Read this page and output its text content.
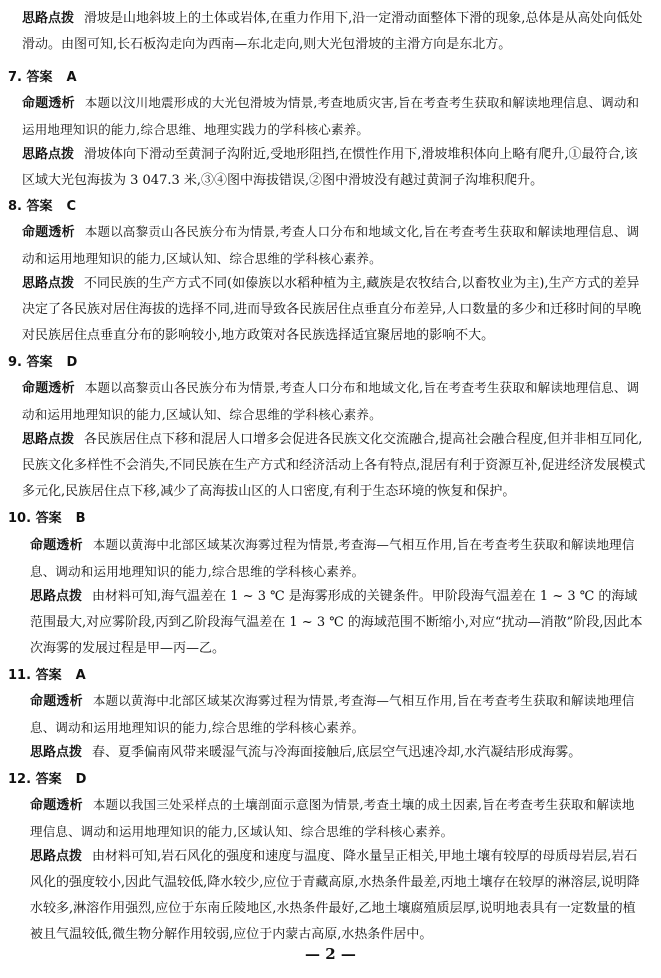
思路点拨 滑坡是山地斜坡上的土体或岩体,在重力作用下,沿一定滑动面整体下滑的现象,总体是从高处向低处滑动。由图可知,长石板沟走向为西南—东北走向,则大光包滑坡的主滑方向是东北方。
7. 答案 A
命题透析 本题以汶川地震形成的大光包滑坡为情景,考查地质灾害,旨在考查考生获取和解读地理信息、调动和运用地理知识的能力,综合思维、地理实践力的学科核心素养。
思路点拨 滑坡体向下滑动至黄洞子沟附近,受地形阻挡,在惯性作用下,滑坡堆积体向上略有爬升,①最符合,该区域大光包海拔为 3 047.3 米,③④图中海拔错误,②图中滑坡没有越过黄洞子沟堆积爬升。
8. 答案 C
命题透析 本题以高黎贡山各民族分布为情景,考查人口分布和地域文化,旨在考查考生获取和解读地理信息、调动和运用地理知识的能力,区域认知、综合思维的学科核心素养。
思路点拨 不同民族的生产方式不同(如傣族以水稻种植为主,藏族是农牧结合,以畜牧业为主),生产方式的差异决定了各民族对居住海拔的选择不同,进而导致各民族居住点垂直分布差异,人口数量的多少和迁移时间的早晚对民族居住点垂直分布的影响较小,地方政策对各民族选择适宜聚居地的影响不大。
9. 答案 D
命题透析 本题以高黎贡山各民族分布为情景,考查人口分布和地域文化,旨在考查考生获取和解读地理信息、调动和运用地理知识的能力,区域认知、综合思维的学科核心素养。
思路点拨 各民族居住点下移和混居人口增多会促进各民族文化交流融合,提高社会融合程度,但并非相互同化,民族文化多样性不会消失,不同民族在生产方式和经济活动上各有特点,混居有利于资源互补,促进经济发展模式多元化,民族居住点下移,减少了高海拔山区的人口密度,有利于生态环境的恢复和保护。
10. 答案 B
命题透析 本题以黄海中北部区域某次海雾过程为情景,考查海—气相互作用,旨在考查考生获取和解读地理信息、调动和运用地理知识的能力,综合思维的学科核心素养。
思路点拨 由材料可知,海气温差在 1 ~ 3 ℃ 是海雾形成的关键条件。甲阶段海气温差在 1 ~ 3 ℃ 的海域范围最大,对应雾阶段,丙到乙阶段海气温差在 1 ~ 3 ℃ 的海域范围不断缩小,对应“扰动—消散”阶段,因此本次海雾的发展过程是甲—丙—乙。
11. 答案 A
命题透析 本题以黄海中北部区域某次海雾过程为情景,考查海—气相互作用,旨在考查考生获取和解读地理信息、调动和运用地理知识的能力,综合思维的学科核心素养。
思路点拨 春、夏季偏南风带来暖湿气流与冷海面接触后,底层空气迅速冷却,水汽凝结形成海雾。
12. 答案 D
命题透析 本题以我国三处采样点的土壤剖面示意图为情景,考查土壤的成土因素,旨在考查考生获取和解读地理信息、调动和运用地理知识的能力,区域认知、综合思维的学科核心素养。
思路点拨 由材料可知,岩石风化的强度和速度与温度、降水量呈正相关,甲地土壤有较厚的母质母岩层,岩石风化的强度较小,因此气温较低,降水较少,应位于青藏高原,水热条件最差,丙地土壤存在较厚的淋溶层,说明降水较多,淋溶作用强烈,应位于东南丘陵地区,水热条件最好,乙地土壤腐殖质层厚,说明地表具有一定数量的植被且气温较低,微生物分解作用较弱,应位于内蒙古高原,水热条件居中。
— 2 —
